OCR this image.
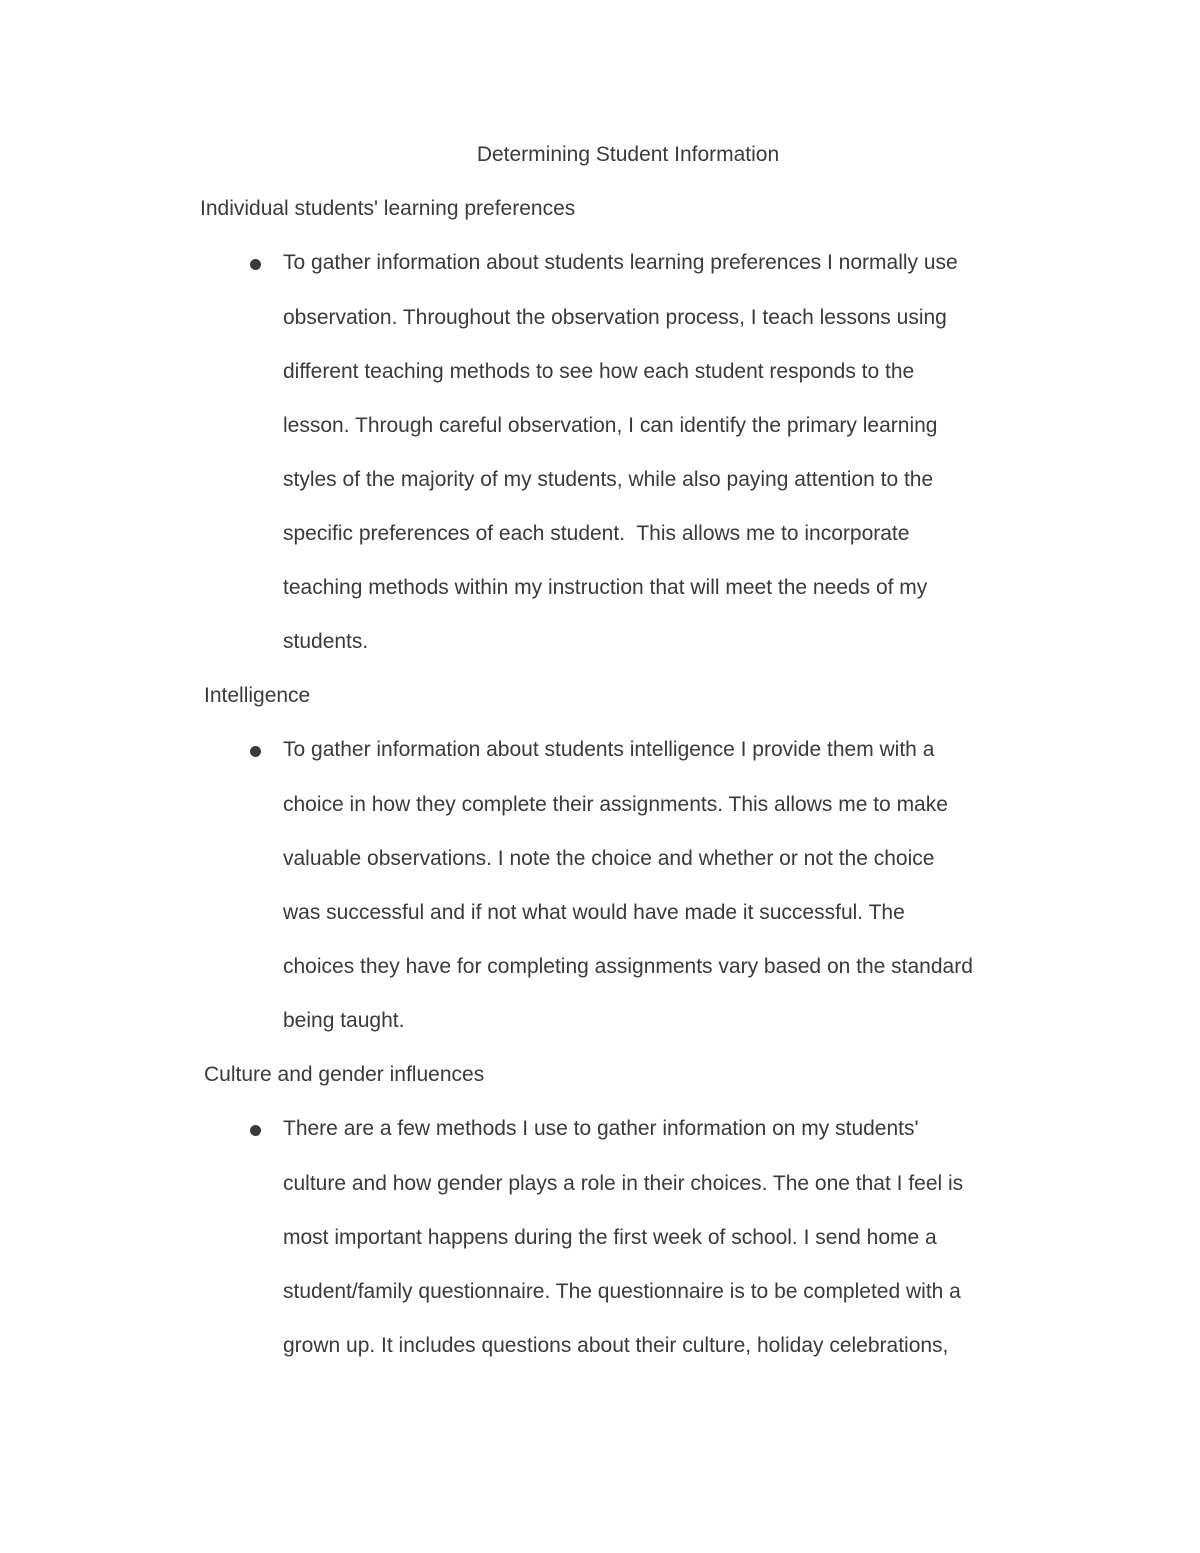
Determining Student Information
Individual students' learning preferences
To gather information about students learning preferences I normally use
observation. Throughout the observation process, I teach lessons using
different teaching methods to see how each student responds to the
lesson. Through careful observation, I can identify the primary learning
styles of the majority of my students, while also paying attention to the
specific preferences of each student.  This allows me to incorporate
teaching methods within my instruction that will meet the needs of my
students.
Intelligence
To gather information about students intelligence I provide them with a
choice in how they complete their assignments. This allows me to make
valuable observations. I note the choice and whether or not the choice
was successful and if not what would have made it successful. The
choices they have for completing assignments vary based on the standard
being taught.
Culture and gender influences
There are a few methods I use to gather information on my students'
culture and how gender plays a role in their choices. The one that I feel is
most important happens during the first week of school. I send home a
student/family questionnaire. The questionnaire is to be completed with a
grown up. It includes questions about their culture, holiday celebrations,
